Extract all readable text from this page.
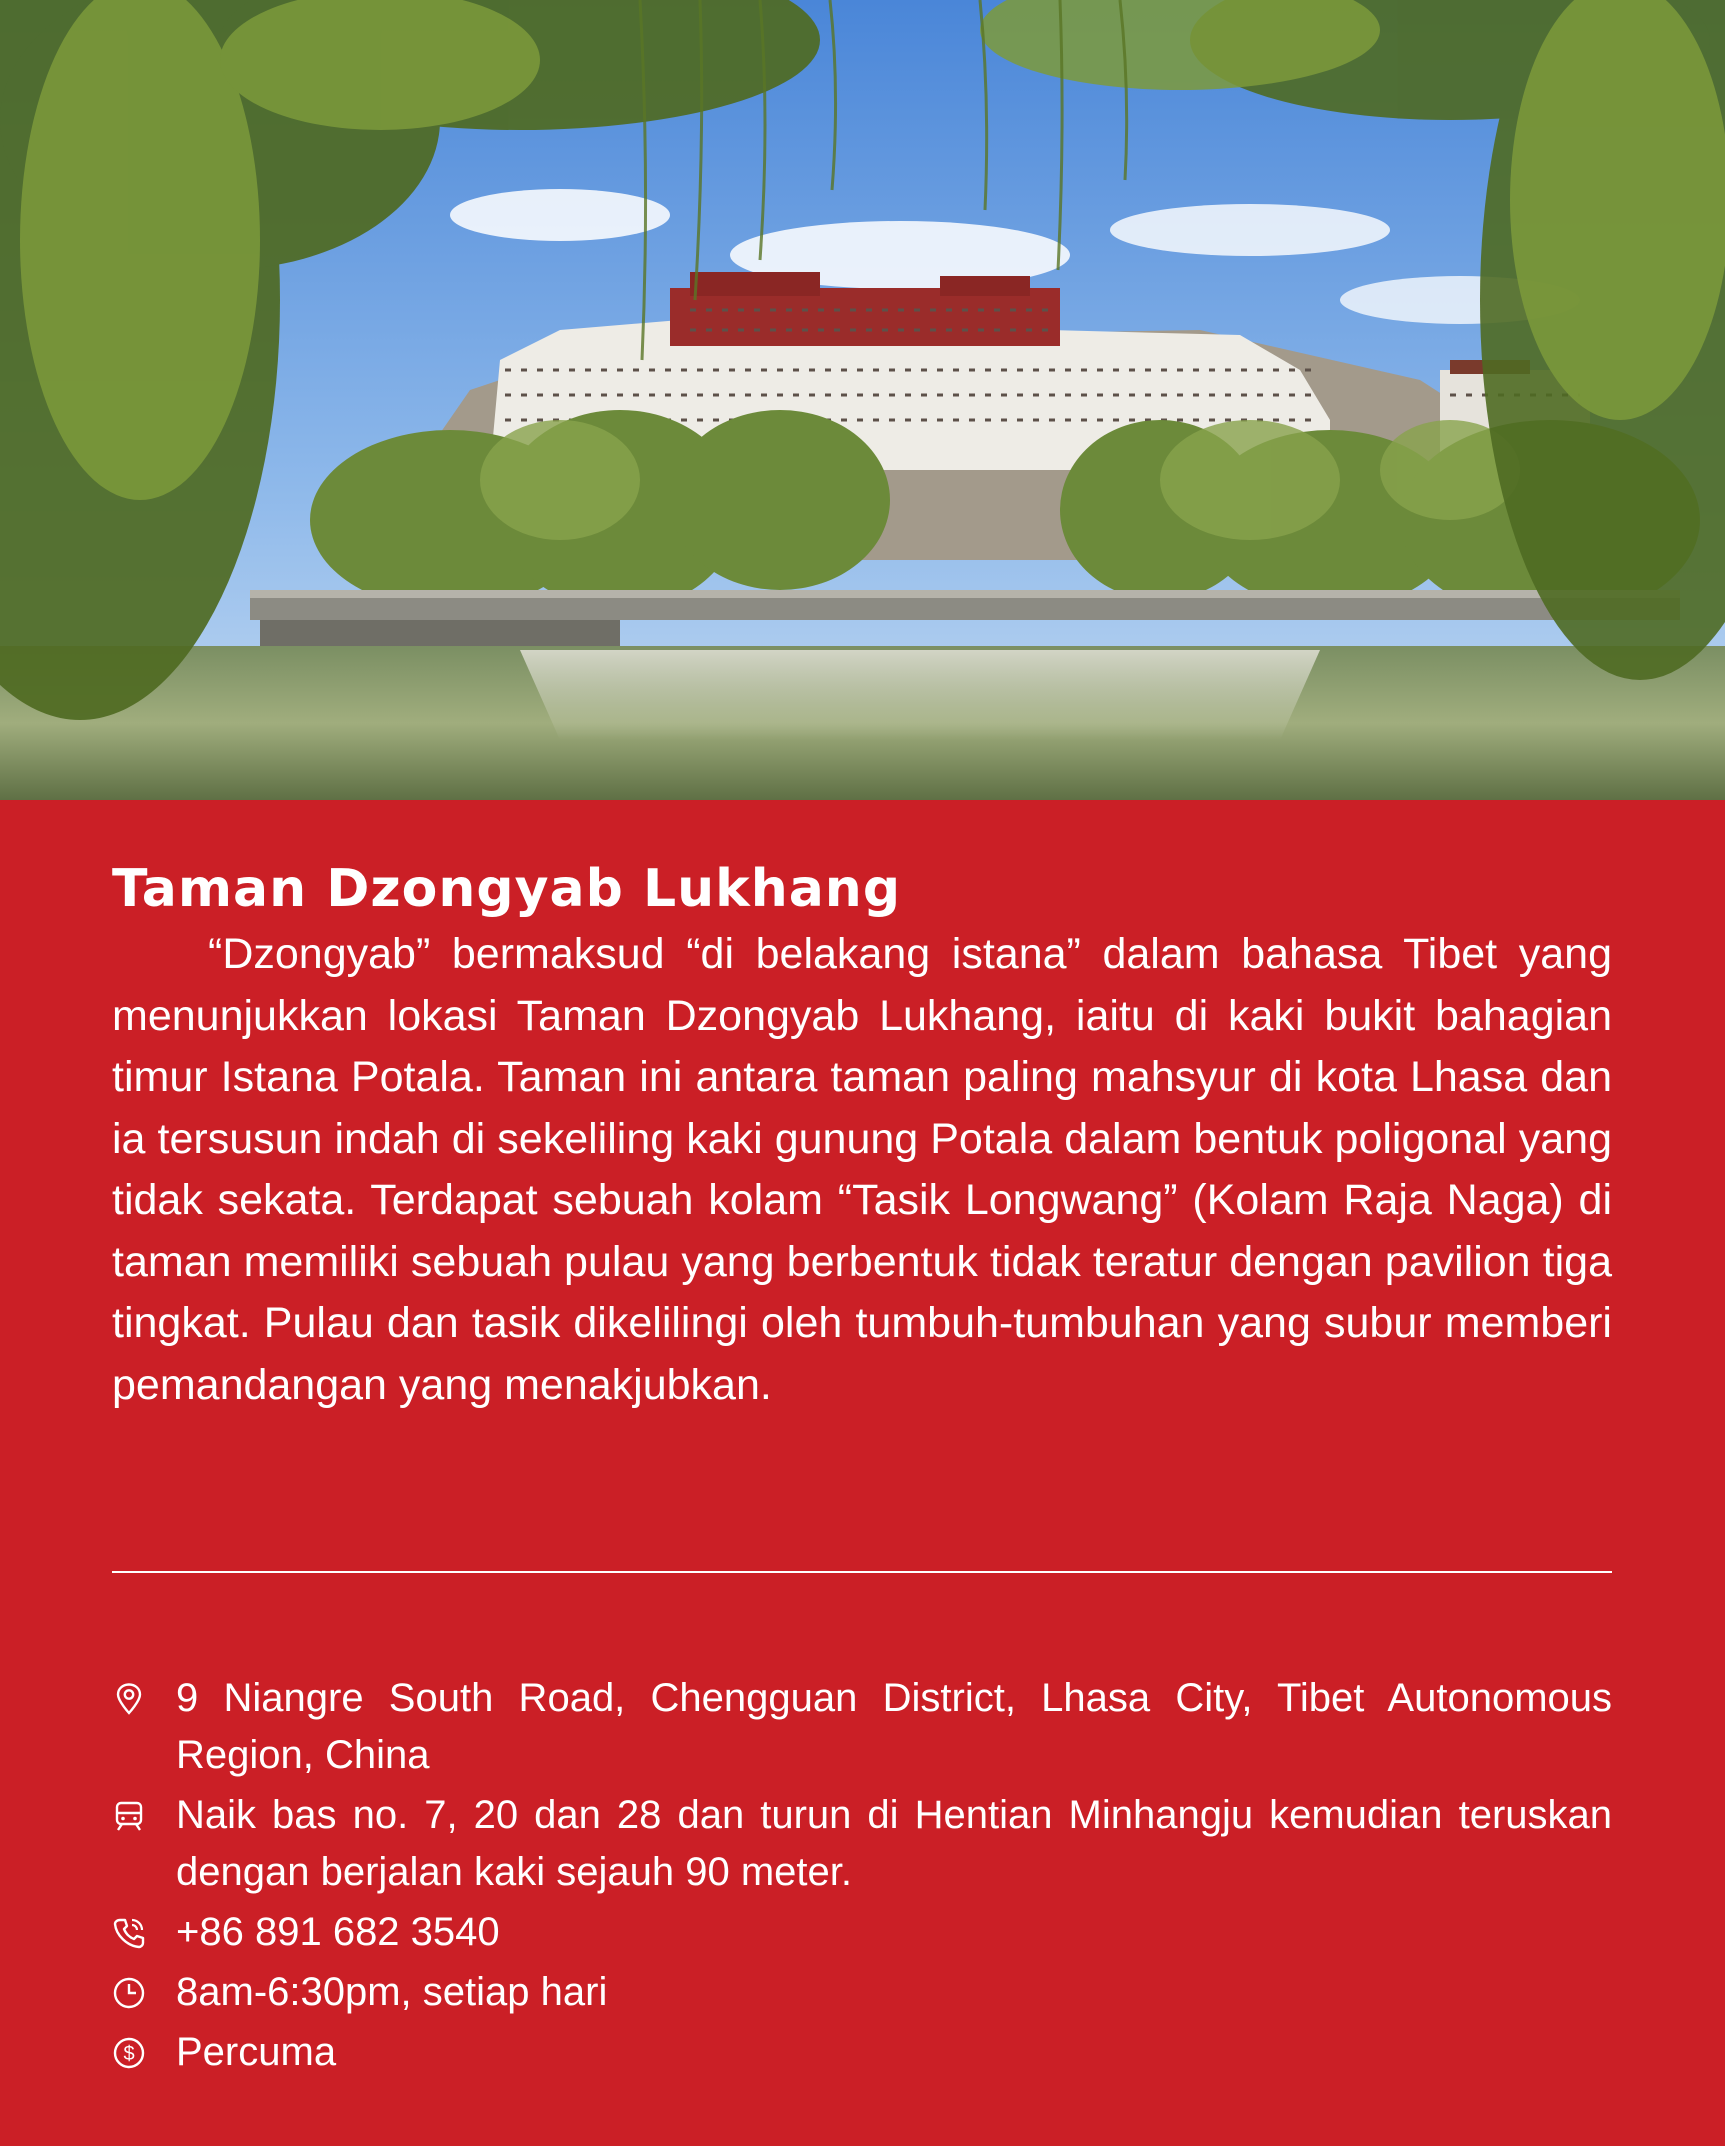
Taman Dzongyab Lukhang

“Dzongyab” bermaksud “di belakang istana” dalam bahasa Tibet yang menunjukkan lokasi Taman Dzongyab Lukhang, iaitu di kaki bukit bahagian timur Istana Potala. Taman ini antara taman paling mahsyur di kota Lhasa dan ia tersusun indah di sekeliling kaki gunung Potala dalam bentuk poligonal yang tidak sekata. Terdapat sebuah kolam “Tasik Longwang” (Kolam Raja Naga) di taman memiliki sebuah pulau yang berbentuk tidak teratur dengan pavilion tiga tingkat. Pulau dan tasik dikelilingi oleh tumbuh-tumbuhan yang subur memberi pemandangan yang menakjubkan.

9 Niangre South Road, Chengguan District, Lhasa City, Tibet Autonomous Region, China
Naik bas no. 7, 20 dan 28 dan turun di Hentian Minhangju kemudian teruskan dengan berjalan kaki sejauh 90 meter.
+86 891 682 3540
8am-6:30pm, setiap hari
$ Percuma
